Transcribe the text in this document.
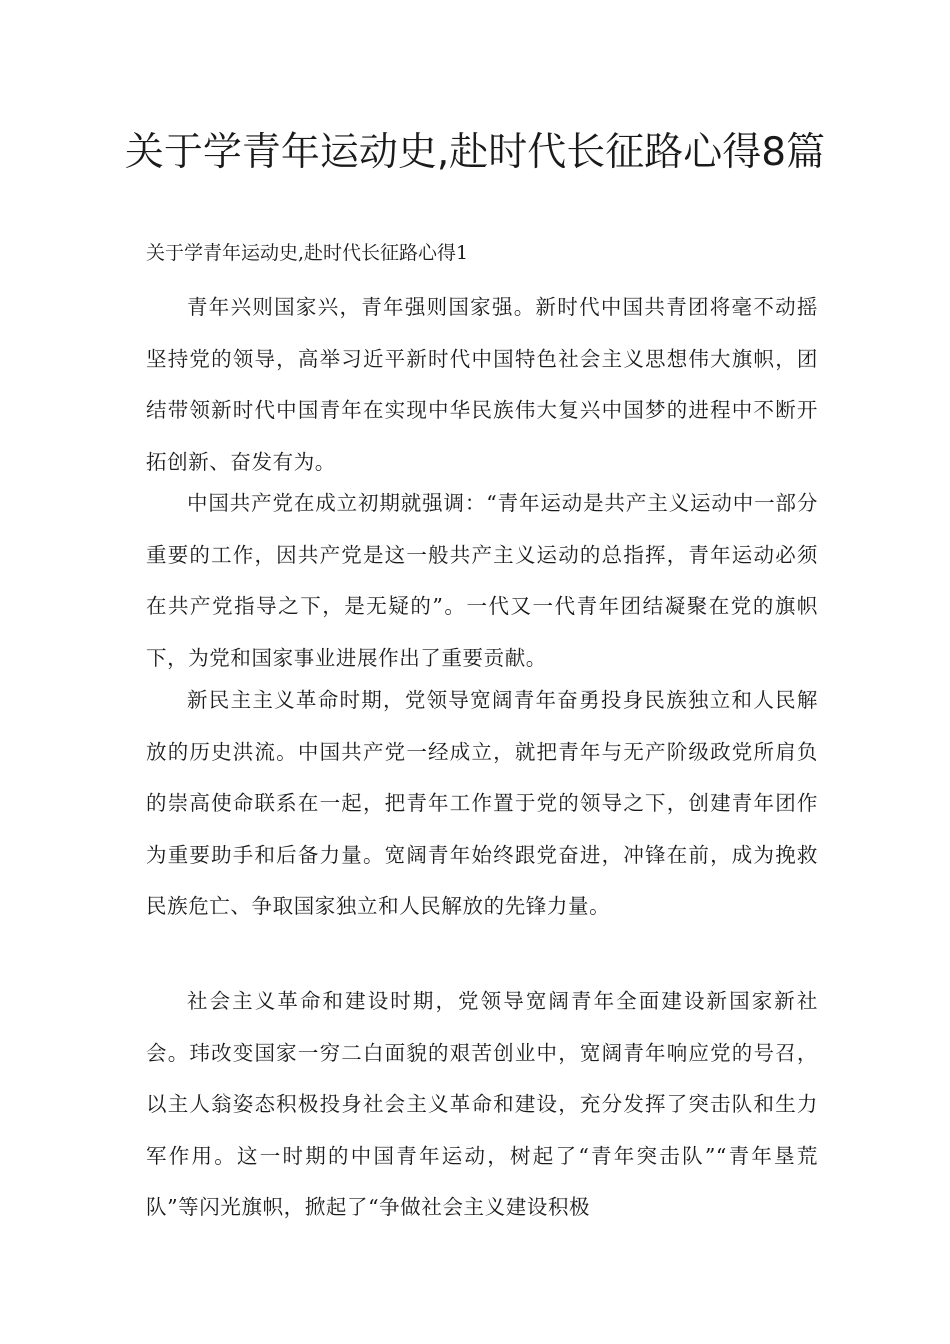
关于学青年运动史,赴时代长征路心得8篇

关于学青年运动史,赴时代长征路心得1

青年兴则国家兴，青年强则国家强。新时代中国共青团将毫不动摇坚持党的领导，高举习近平新时代中国特色社会主义思想伟大旗帜，团结带领新时代中国青年在实现中华民族伟大复兴中国梦的进程中不断开拓创新、奋发有为。

中国共产党在成立初期就强调：“青年运动是共产主义运动中一部分重要的工作，因共产党是这一般共产主义运动的总指挥，青年运动必须在共产党指导之下，是无疑的”。一代又一代青年团结凝聚在党的旗帜下，为党和国家事业进展作出了重要贡献。

新民主主义革命时期，党领导宽阔青年奋勇投身民族独立和人民解放的历史洪流。中国共产党一经成立，就把青年与无产阶级政党所肩负的崇高使命联系在一起，把青年工作置于党的领导之下，创建青年团作为重要助手和后备力量。宽阔青年始终跟党奋进，冲锋在前，成为挽救民族危亡、争取国家独立和人民解放的先锋力量。

社会主义革命和建设时期，党领导宽阔青年全面建设新国家新社会。玮改变国家一穷二白面貌的艰苦创业中，宽阔青年响应党的号召，以主人翁姿态积极投身社会主义革命和建设，充分发挥了突击队和生力军作用。这一时期的中国青年运动，树起了“青年突击队”“青年垦荒队”等闪光旗帜，掀起了“争做社会主义建设积极
